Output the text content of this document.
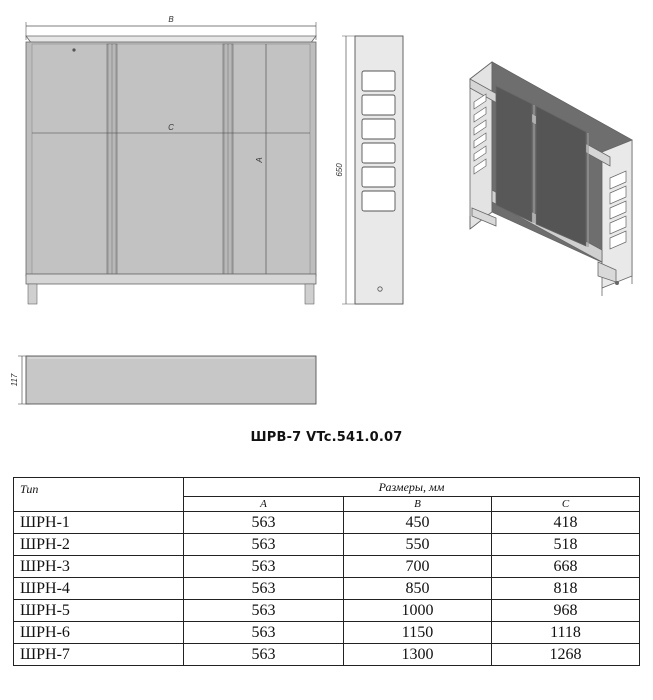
B
C
A
650
117
ШРВ-7 VTc.541.0.07
Тип	Размеры, мм		
	A	B	C
ШРН-1	563	450	418
ШРН-2	563	550	518
ШРН-3	563	700	668
ШРН-4	563	850	818
ШРН-5	563	1000	968
ШРН-6	563	1150	1118
ШРН-7	563	1300	1268
